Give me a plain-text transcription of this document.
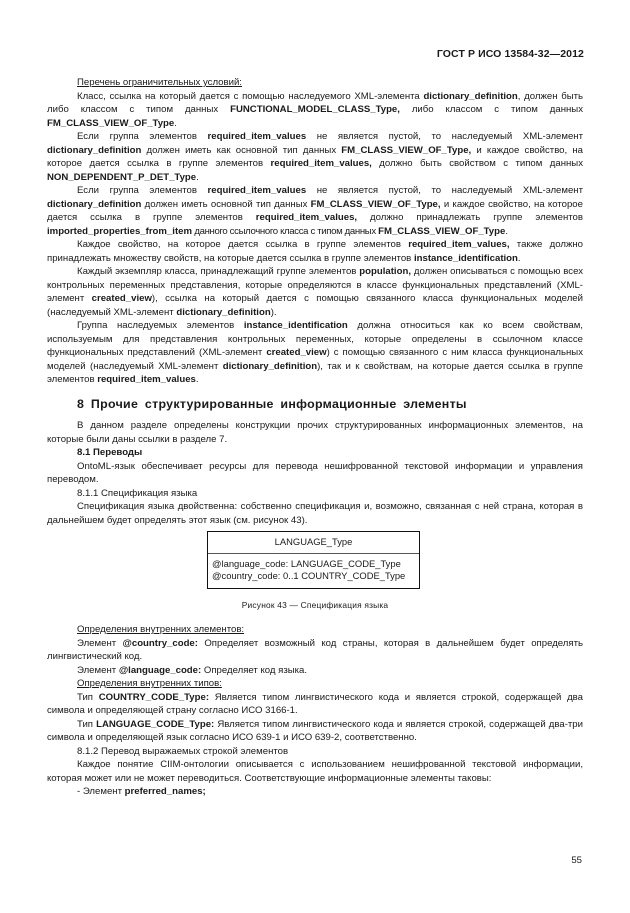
ГОСТ Р ИСО 13584-32—2012

Перечень ограничительных условий:

Класс, ссылка на который дается с помощью наследуемого XML-элемента dictionary_definition, должен быть либо классом с типом данных FUNCTIONAL_MODEL_CLASS_Type, либо классом с типом данных FM_CLASS_VIEW_OF_Type.

Если группа элементов required_item_values не является пустой, то наследуемый XML-элемент dictionary_definition должен иметь как основной тип данных FM_CLASS_VIEW_OF_Type, и каждое свойство, на которое дается ссылка в группе элементов required_item_values, должно быть свойством с типом данных NON_DEPENDENT_P_DET_Type.

Если группа элементов required_item_values не является пустой, то наследуемый XML-элемент dictionary_definition должен иметь основной тип данных FM_CLASS_VIEW_OF_Type, и каждое свойство, на которое дается ссылка в группе элементов required_item_values, должно принадлежать группе элементов imported_properties_from_item данного ссылочного класса с типом данных FM_CLASS_VIEW_OF_Type.

Каждое свойство, на которое дается ссылка в группе элементов required_item_values, также должно принадлежать множеству свойств, на которые дается ссылка в группе элементов instance_identification.

Каждый экземпляр класса, принадлежащий группе элементов population, должен описываться с помощью всех контрольных переменных представления, которые определяются в классе функциональных представлений (XML-элемент created_view), ссылка на который дается с помощью связанного класса функциональных моделей (наследуемый XML-элемент dictionary_definition).

Группа наследуемых элементов instance_identification должна относиться как ко всем свойствам, используемым для представления контрольных переменных, которые определены в ссылочном классе функциональных представлений (XML-элемент created_view) с помощью связанного с ним класса функциональных моделей (наследуемый XML-элемент dictionary_definition), так и к свойствам, на которые дается ссылка в группе элементов required_item_values.

8 Прочие структурированные информационные элементы

В данном разделе определены конструкции прочих структурированных информационных элементов, на которые были даны ссылки в разделе 7.

8.1 Переводы

OntoML-язык обеспечивает ресурсы для перевода нешифрованной текстовой информации и управления переводом.

8.1.1 Спецификация языка

Спецификация языка двойственна: собственно спецификация и, возможно, связанная с ней страна, которая в дальнейшем будет определять этот язык (см. рисунок 43).

LANGUAGE_Type
@language_code: LANGUAGE_CODE_Type
@country_code: 0..1 COUNTRY_CODE_Type
Рисунок 43 — Спецификация языка

Определения внутренних элементов:

Элемент @country_code: Определяет возможный код страны, которая в дальнейшем будет определять лингвистический код.

Элемент @language_code: Определяет код языка.

Определения внутренних типов:

Тип COUNTRY_CODE_Type: Является типом лингвистического кода и является строкой, содержащей два символа и определяющей страну согласно ИСО 3166-1.

Тип LANGUAGE_CODE_Type: Является типом лингвистического кода и является строкой, содержащей два-три символа и определяющей язык согласно ИСО 639-1 и ИСО 639-2, соответственно.

8.1.2 Перевод выражаемых строкой элементов

Каждое понятие CIIM-онтологии описывается с использованием нешифрованной текстовой информации, которая может или не может переводиться. Соответствующие информационные элементы таковы:

- Элемент preferred_names;

55
